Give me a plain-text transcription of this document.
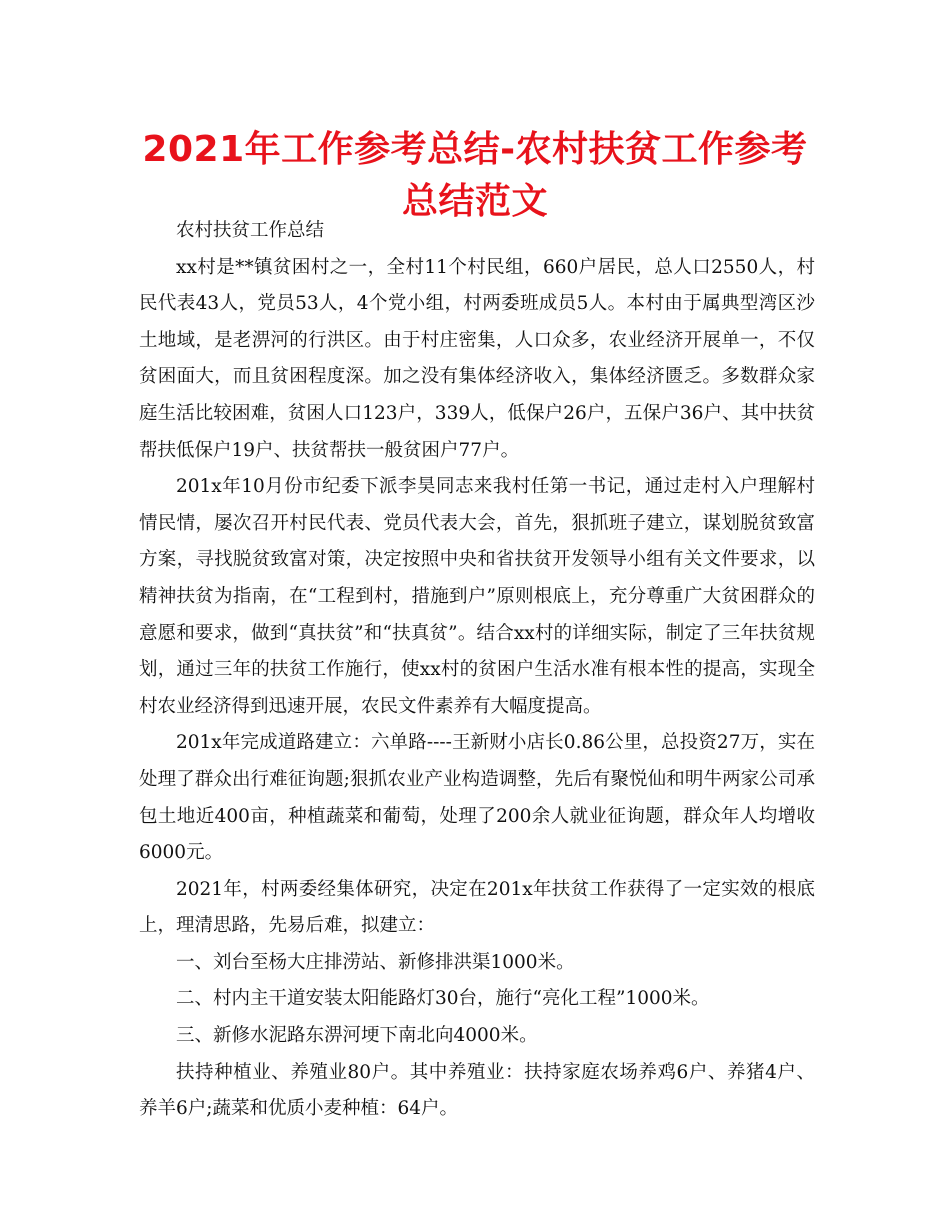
2021年工作参考总结-农村扶贫工作参考总结范文

农村扶贫工作总结

xx村是**镇贫困村之一，全村11个村民组，660户居民，总人口2550人，村民代表43人，党员53人，4个党小组，村两委班成员5人。本村由于属典型湾区沙土地域，是老淠河的行洪区。由于村庄密集，人口众多，农业经济开展单一，不仅贫困面大，而且贫困程度深。加之没有集体经济收入，集体经济匮乏。多数群众家庭生活比较困难，贫困人口123户，339人，低保户26户，五保户36户、其中扶贫帮扶低保户19户、扶贫帮扶一般贫困户77户。

201x年10月份市纪委下派李昊同志来我村任第一书记，通过走村入户理解村情民情，屡次召开村民代表、党员代表大会，首先，狠抓班子建立，谋划脱贫致富方案，寻找脱贫致富对策，决定按照中央和省扶贫开发领导小组有关文件要求，以精神扶贫为指南，在“工程到村，措施到户”原则根底上，充分尊重广大贫困群众的意愿和要求，做到“真扶贫”和“扶真贫”。结合xx村的详细实际，制定了三年扶贫规划，通过三年的扶贫工作施行，使xx村的贫困户生活水准有根本性的提高，实现全村农业经济得到迅速开展，农民文件素养有大幅度提高。

201x年完成道路建立：六单路----王新财小店长0.86公里，总投资27万，实在处理了群众出行难征询题;狠抓农业产业构造调整，先后有聚悦仙和明牛两家公司承包土地近400亩，种植蔬菜和葡萄，处理了200余人就业征询题，群众年人均增收6000元。

2021年，村两委经集体研究，决定在201x年扶贫工作获得了一定实效的根底上，理清思路，先易后难，拟建立：

一、刘台至杨大庄排涝站、新修排洪渠1000米。

二、村内主干道安装太阳能路灯30台，施行“亮化工程”1000米。

三、新修水泥路东淠河埂下南北向4000米。

扶持种植业、养殖业80户。其中养殖业：扶持家庭农场养鸡6户、养猪4户、养羊6户;蔬菜和优质小麦种植：64户。
